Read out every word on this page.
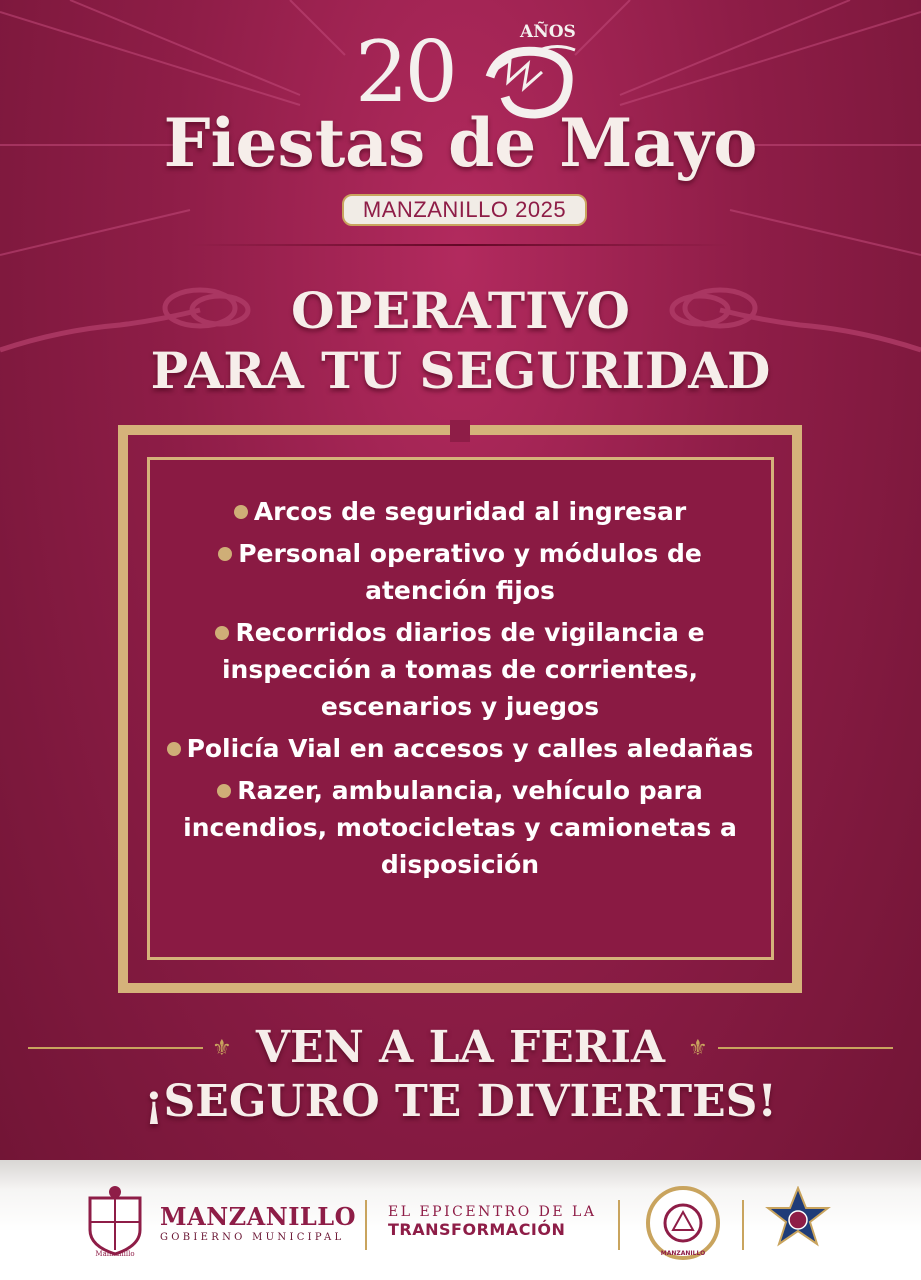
20	AÑOS
Fiestas de Mayo
MANZANILLO 2025
OPERATIVO
PARA TU SEGURIDAD
Arcos de seguridad al ingresar
Personal operativo y módulos de atención fijos
Recorridos diarios de vigilancia e inspección a tomas de corrientes, escenarios y juegos
Policía Vial en accesos y calles aledañas
Razer, ambulancia, vehículo para incendios, motocicletas y camionetas a disposición
⚜	⚜
VEN A LA FERIA
¡SEGURO TE DIVIERTES!
Manzanillo
MANZANILLO
GOBIERNO MUNICIPAL
EL EPICENTRO DE LA
TRANSFORMACIÓN
MANZANILLO
